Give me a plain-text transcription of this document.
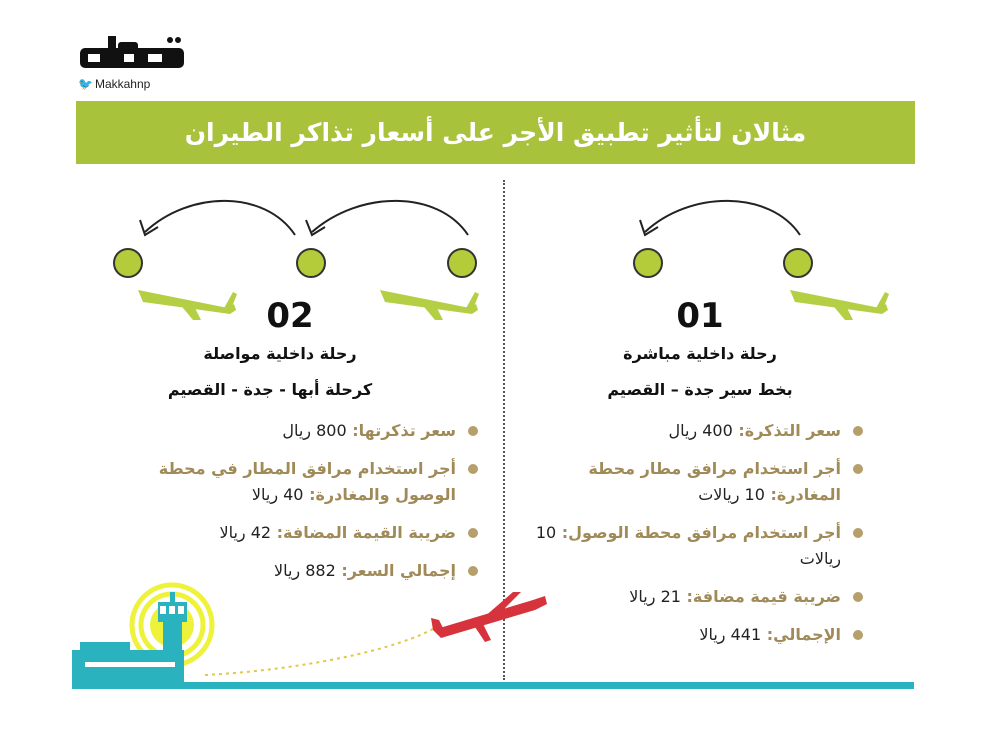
🐦 Makkahnp
مثالان لتأثير تطبيق الأجر على أسعار تذاكر الطيران
02
رحلة داخلية مواصلة
كرحلة أبها - جدة - القصيم
01
رحلة داخلية مباشرة
بخط سير جدة – القصيم
سعر تذكرتها: 800 ريال
أجر استخدام مرافق المطار في محطة الوصول والمغادرة: 40 ريالا
ضريبة القيمة المضافة: 42 ريالا
إجمالي السعر: 882 ريالا
سعر التذكرة: 400 ريال
أجر استخدام مرافق مطار محطة المغادرة: 10 ريالات
أجر استخدام مرافق محطة الوصول: 10 ريالات
ضريبة قيمة مضافة: 21 ريالا
الإجمالي: 441 ريالا
